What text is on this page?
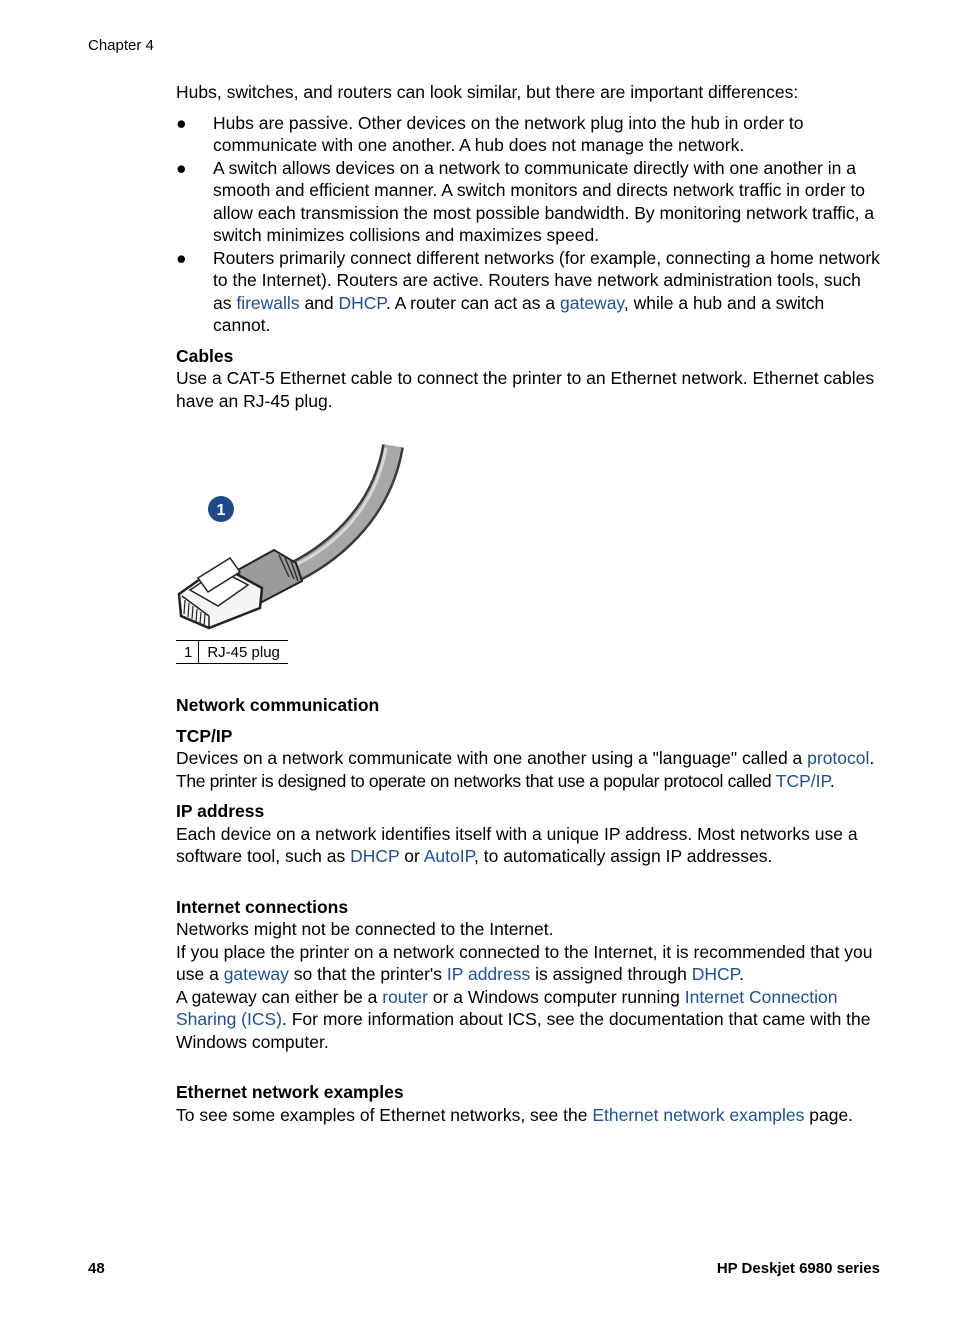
Chapter 4

Hubs, switches, and routers can look similar, but there are important differences:

● Hubs are passive. Other devices on the network plug into the hub in order to communicate with one another. A hub does not manage the network.
● A switch allows devices on a network to communicate directly with one another in a smooth and efficient manner. A switch monitors and directs network traffic in order to allow each transmission the most possible bandwidth. By monitoring network traffic, a switch minimizes collisions and maximizes speed.
● Routers primarily connect different networks (for example, connecting a home network to the Internet). Routers are active. Routers have network administration tools, such as firewalls and DHCP. A router can act as a gateway, while a hub and a switch cannot.
Cables

Use a CAT-5 Ethernet cable to connect the printer to an Ethernet network. Ethernet cables have an RJ-45 plug.

1
1	RJ-45 plug
Network communication
TCP/IP

Devices on a network communicate with one another using a "language" called a protocol. The printer is designed to operate on networks that use a popular protocol called TCP/IP.

IP address

Each device on a network identifies itself with a unique IP address. Most networks use a software tool, such as DHCP or AutoIP, to automatically assign IP addresses.

Internet connections

Networks might not be connected to the Internet.

If you place the printer on a network connected to the Internet, it is recommended that you use a gateway so that the printer's IP address is assigned through DHCP.

A gateway can either be a router or a Windows computer running Internet Connection Sharing (ICS). For more information about ICS, see the documentation that came with the Windows computer.

Ethernet network examples

To see some examples of Ethernet networks, see the Ethernet network examples page.

48	HP Deskjet 6980 series
